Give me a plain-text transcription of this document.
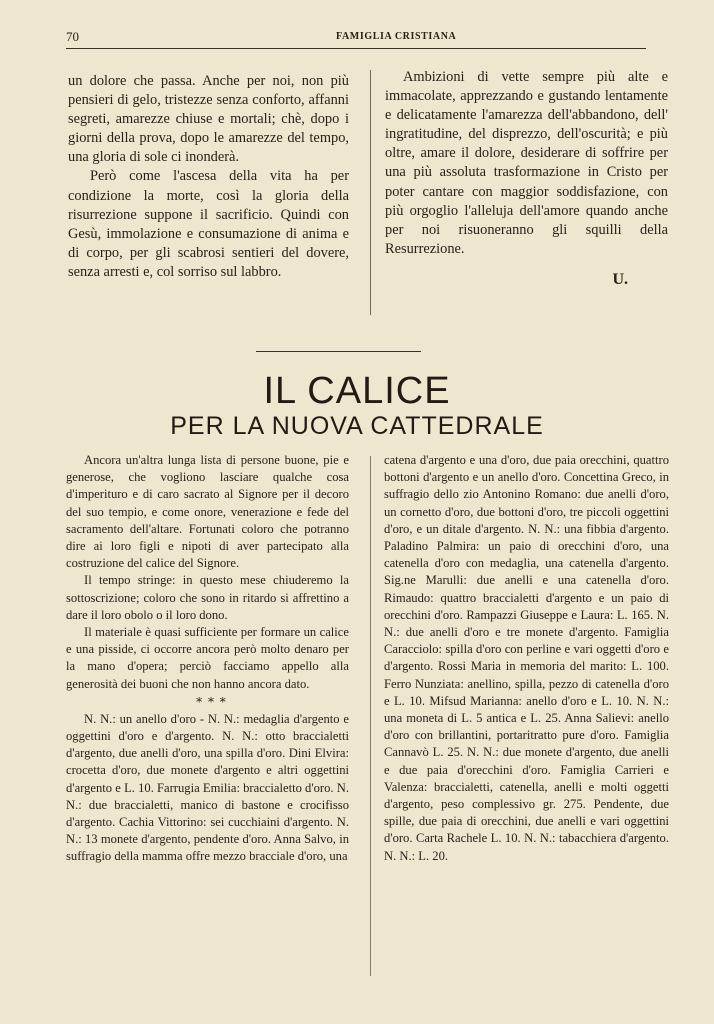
70	FAMIGLIA CRISTIANA

un dolore che passa. Anche per noi, non più pensieri di gelo, tristezze senza conforto, affanni segreti, amarezze chiuse e mortali; chè, dopo i giorni della prova, dopo le amarezze del tempo, una gloria di sole ci inonderà.

Però come l'ascesa della vita ha per condizione la morte, così la gloria della risurrezione suppone il sacrificio. Quindi con Gesù, immolazione e consumazione di anima e di corpo, per gli scabrosi sentieri del dovere, senza arresti e, col sorriso sul labbro.

Ambizioni di vette sempre più alte e immacolate, apprezzando e gustando lentamente e delicatamente l'amarezza dell'abbandono, dell' ingratitudine, del disprezzo, dell'oscurità; e più oltre, amare il dolore, desiderare di soffrire per una più assoluta trasformazione in Cristo per poter cantare con maggior soddisfazione, con più orgoglio l'alleluja dell'amore quando anche per noi risuoneranno gli squilli della Resurrezione.

U.
IL CALICE
PER LA NUOVA CATTEDRALE

Ancora un'altra lunga lista di persone buone, pie e generose, che vogliono lasciare qualche cosa d'imperituro e di caro sacrato al Signore per il decoro del suo tempio, e come onore, venerazione e fede del sacramento dell'altare. Fortunati coloro che potranno dire ai loro figli e nipoti di aver partecipato alla costruzione del calice del Signore.

Il tempo stringe: in questo mese chiuderemo la sottoscrizione; coloro che sono in ritardo si affrettino a dare il loro obolo o il loro dono.

Il materiale è quasi sufficiente per formare un calice e una pisside, ci occorre ancora però molto denaro per la mano d'opera; perciò facciamo appello alla generosità dei buoni che non hanno ancora dato.

* * *

N. N.: un anello d'oro - N. N.: medaglia d'argento e oggettini d'oro e d'argento. N. N.: otto braccialetti d'argento, due anelli d'oro, una spilla d'oro. Dini Elvira: crocetta d'oro, due monete d'argento e altri oggettini d'argento e L. 10. Farrugia Emilia: braccialetto d'oro. N. N.: due braccialetti, manico di bastone e crocifisso d'argento. Cachia Vittorino: sei cucchiaini d'argento. N. N.: 13 monete d'argento, pendente d'oro. Anna Salvo, in suffragio della mamma offre mezzo bracciale d'oro, una

catena d'argento e una d'oro, due paia orecchini, quattro bottoni d'argento e un anello d'oro. Concettina Greco, in suffragio dello zio Antonino Romano: due anelli d'oro, un cornetto d'oro, due bottoni d'oro, tre piccoli oggettini d'oro, e un ditale d'argento. N. N.: una fibbia d'argento. Paladino Palmira: un paio di orecchini d'oro, una catenella d'oro con medaglia, una catenella d'argento. Sig.ne Marulli: due anelli e una catenella d'oro. Rimaudo: quattro braccialetti d'argento e un paio di orecchini d'oro. Rampazzi Giuseppe e Laura: L. 165. N. N.: due anelli d'oro e tre monete d'argento. Famiglia Caracciolo: spilla d'oro con perline e vari oggetti d'oro e d'argento. Rossi Maria in memoria del marito: L. 100. Ferro Nunziata: anellino, spilla, pezzo di catenella d'oro e L. 10. Mifsud Marianna: anello d'oro e L. 10. N. N.: una moneta di L. 5 antica e L. 25. Anna Salievi: anello d'oro con brillantini, portaritratto pure d'oro. Famiglia Cannavò L. 25. N. N.: due monete d'argento, due anelli e due paia d'orecchini d'oro. Famiglia Carrieri e Valenza: braccialetti, catenella, anelli e molti oggetti d'argento, peso complessivo gr. 275. Pendente, due spille, due paia di orecchini, due anelli e vari oggettini d'oro. Carta Rachele L. 10. N. N.: tabacchiera d'argento. N. N.: L. 20.
